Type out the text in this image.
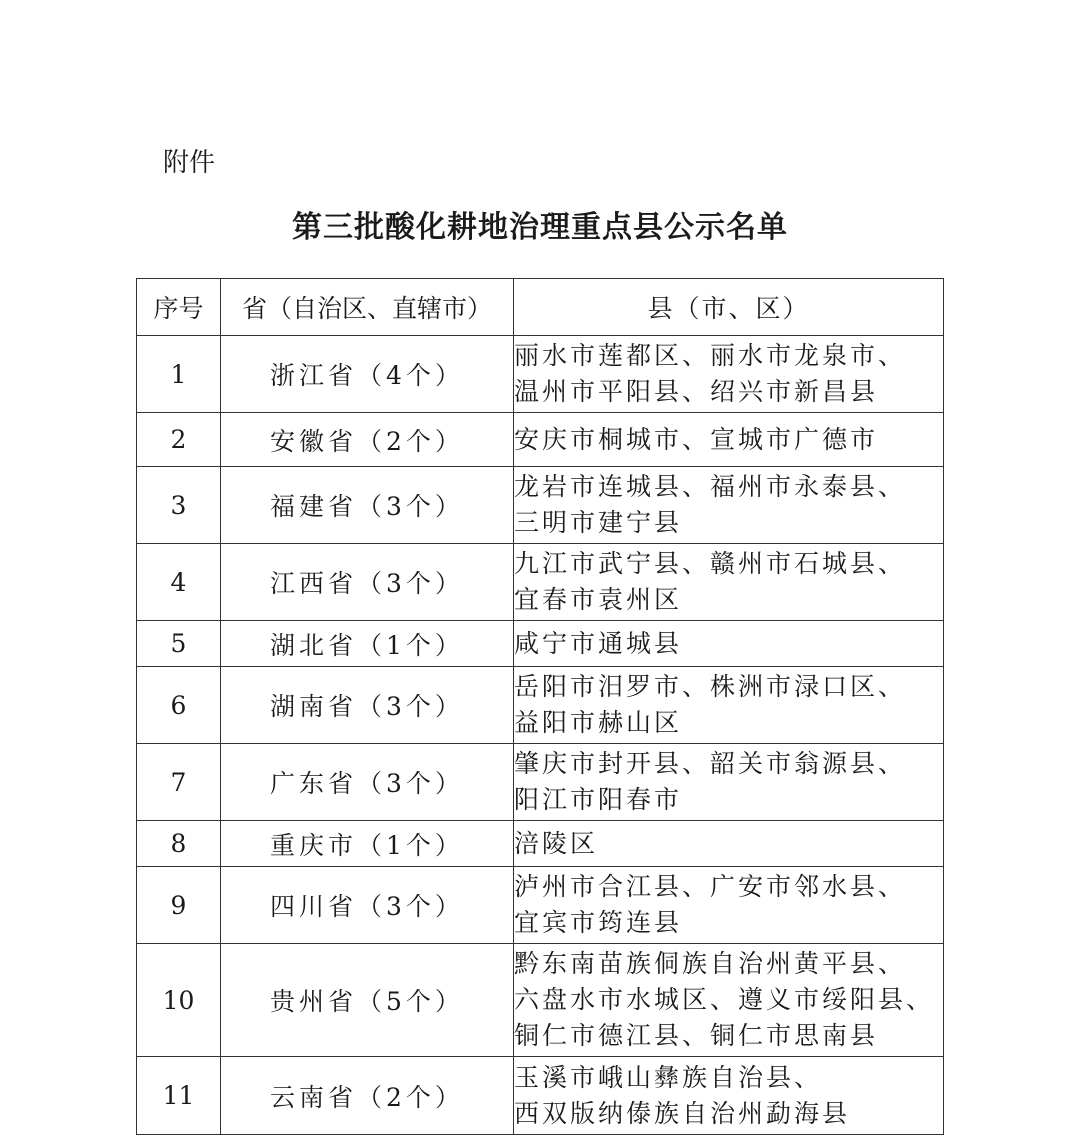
附件
第三批酸化耕地治理重点县公示名单
序号	省（自治区、直辖市）	县（市、区）
1	浙江省（4个）	丽水市莲都区、丽水市龙泉市、
温州市平阳县、绍兴市新昌县

2	安徽省（2个）	安庆市桐城市、宣城市广德市

3	福建省（3个）	龙岩市连城县、福州市永泰县、
三明市建宁县

4	江西省（3个）	九江市武宁县、赣州市石城县、
宜春市袁州区

5	湖北省（1个）	咸宁市通城县

6	湖南省（3个）	岳阳市汨罗市、株洲市渌口区、
益阳市赫山区

7	广东省（3个）	肇庆市封开县、韶关市翁源县、
阳江市阳春市

8	重庆市（1个）	涪陵区

9	四川省（3个）	泸州市合江县、广安市邻水县、
宜宾市筠连县

10	贵州省（5个）	黔东南苗族侗族自治州黄平县、
六盘水市水城区、遵义市绥阳县、
铜仁市德江县、铜仁市思南县

11	云南省（2个）	玉溪市峨山彝族自治县、
西双版纳傣族自治州勐海县
